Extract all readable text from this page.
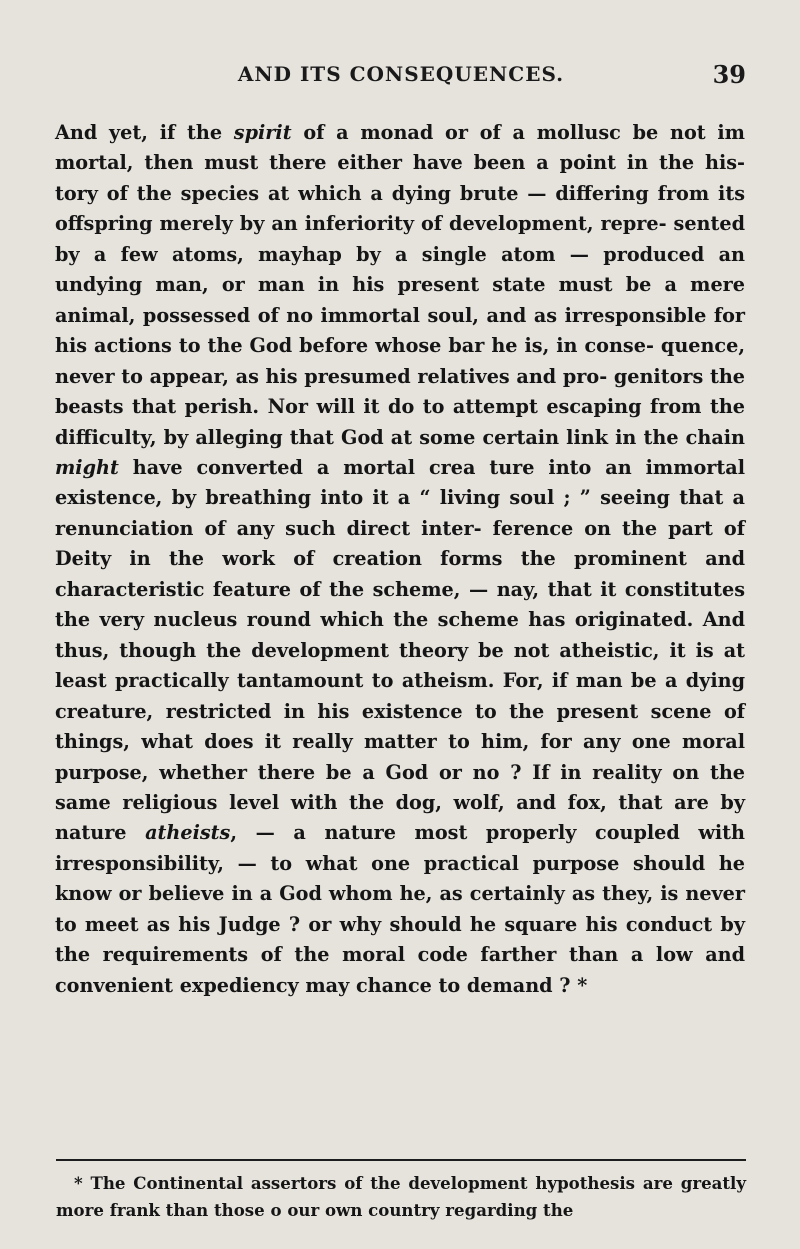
AND ITS CONSEQUENCES.	39

And yet, if the spirit of a monad or of a mollusc be not im mortal, then must there either have been a point in the his- tory of the species at which a dying brute — differing from its offspring merely by an inferiority of development, repre- sented by a few atoms, mayhap by a single atom — produced an undying man, or man in his present state must be a mere animal, possessed of no immortal soul, and as irresponsible for his actions to the God before whose bar he is, in conse- quence, never to appear, as his presumed relatives and pro- genitors the beasts that perish. Nor will it do to attempt escaping from the difficulty, by alleging that God at some certain link in the chain might have converted a mortal crea ture into an immortal existence, by breathing into it a “ living soul ; ” seeing that a renunciation of any such direct inter- ference on the part of Deity in the work of creation forms the prominent and characteristic feature of the scheme, — nay, that it constitutes the very nucleus round which the scheme has originated. And thus, though the development theory be not atheistic, it is at least practically tantamount to atheism. For, if man be a dying creature, restricted in his existence to the present scene of things, what does it really matter to him, for any one moral purpose, whether there be a God or no ? If in reality on the same religious level with the dog, wolf, and fox, that are by nature atheists, — a nature most properly coupled with irresponsibility, — to what one practical purpose should he know or believe in a God whom he, as certainly as they, is never to meet as his Judge ? or why should he square his conduct by the requirements of the moral code farther than a low and convenient expediency may chance to demand ? *

* The Continental assertors of the development hypothesis are greatly more frank than those o our own country regarding the
